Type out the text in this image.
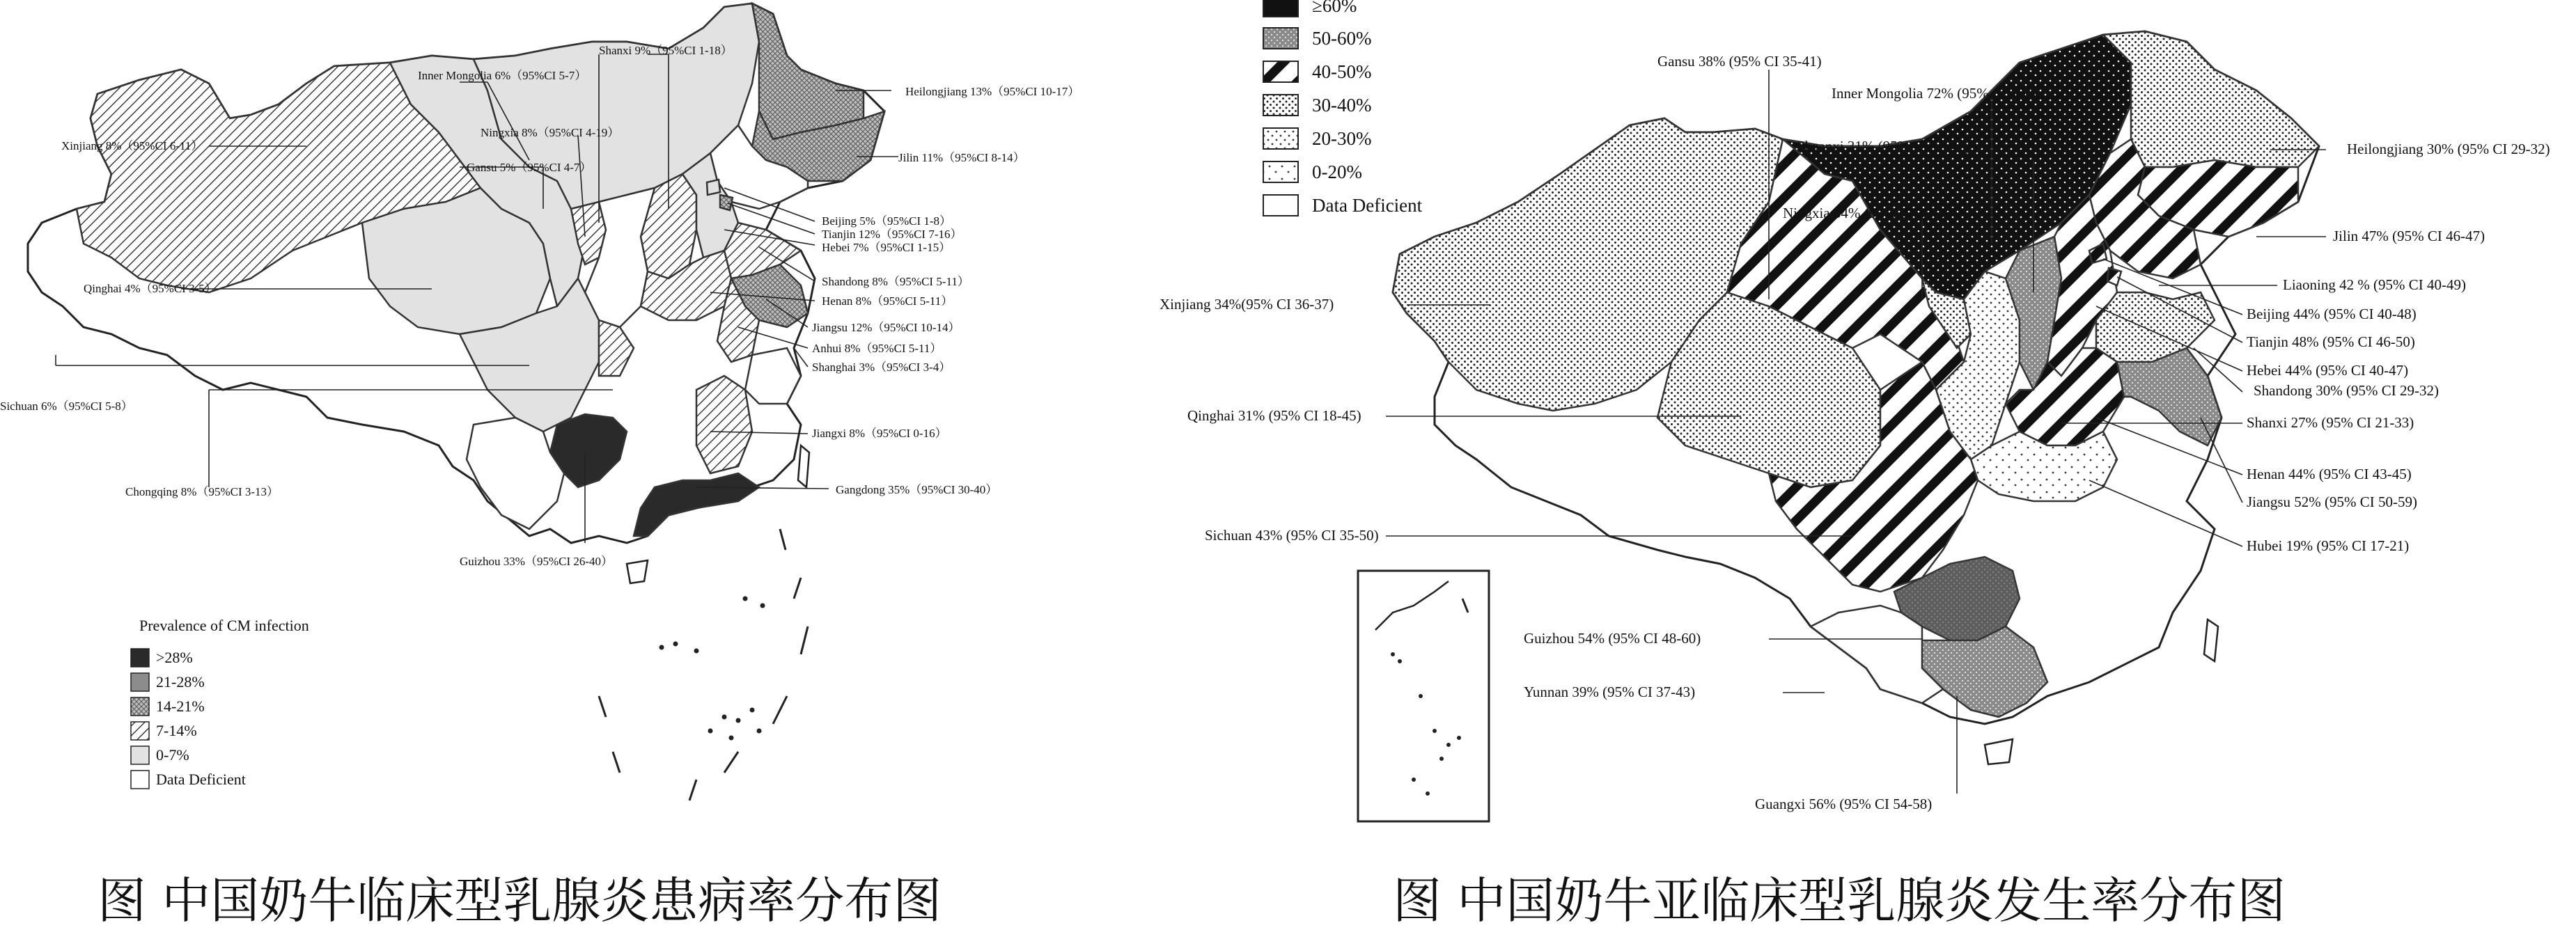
Xinjiang 8%（95%CI 6-11）
Inner Mongolia 6%（95%CI 5-7）
Shanxi 9%（95%CI 1-18）
Ningxia 8%（95%CI 4-19）
Gansu 5%（95%CI 4-7）
Heilongjiang 13%（95%CI 10-17）
Jilin 11%（95%CI 8-14）
Beijing 5%（95%CI 1-8）
Tianjin 12%（95%CI 7-16）
Hebei 7%（95%CI 1-15）
Qinghai 4%（95%CI 3-5）
Shandong 8%（95%CI 5-11）
Henan 8%（95%CI 5-11）
Jiangsu 12%（95%CI 10-14）
Anhui 8%（95%CI 5-11）
Shanghai 3%（95%CI 3-4）
Sichuan 6%（95%CI 5-8）
Jiangxi 8%（95%CI 0-16）
Chongqing 8%（95%CI 3-13）	Gangdong 35%（95%CI 30-40）
Guizhou 33%（95%CI 26-40）
Prevalence of CM infection
>28%
21-28%
14-21%
7-14%
0-7%
Data Deficient
Gansu 38% (95% CI 35-41)
Inner Mongolia 72% (95% CI 60-83)
Shaanxi 31% (95% CI 18-45)
Ningxia 34% (95% CI 33-36)
Heilongjiang 30% (95% CI 29-32)
Jilin 47% (95% CI 46-47)
Xinjiang 34%(95% CI 36-37)
Liaoning 42 % (95% CI 40-49)
Beijing 44% (95% CI 40-48)
Tianjin 48% (95% CI 46-50)
Hebei 44% (95% CI 40-47)
Shandong 30% (95% CI 29-32)
Qinghai 31% (95% CI 18-45)	Shanxi 27% (95% CI 21-33)
Henan 44% (95% CI 43-45)
Jiangsu 52% (95% CI 50-59)
Sichuan 43% (95% CI 35-50)
Hubei 19% (95% CI 17-21)
Guizhou 54% (95% CI 48-60)
Yunnan 39% (95% CI 37-43)
Guangxi 56% (95% CI 54-58)
≥60%
50-60%
40-50%
30-40%
20-30%
0-20%
Data Deficient
图 中国奶牛临床型乳腺炎患病率分布图	图 中国奶牛亚临床型乳腺炎发生率分布图
